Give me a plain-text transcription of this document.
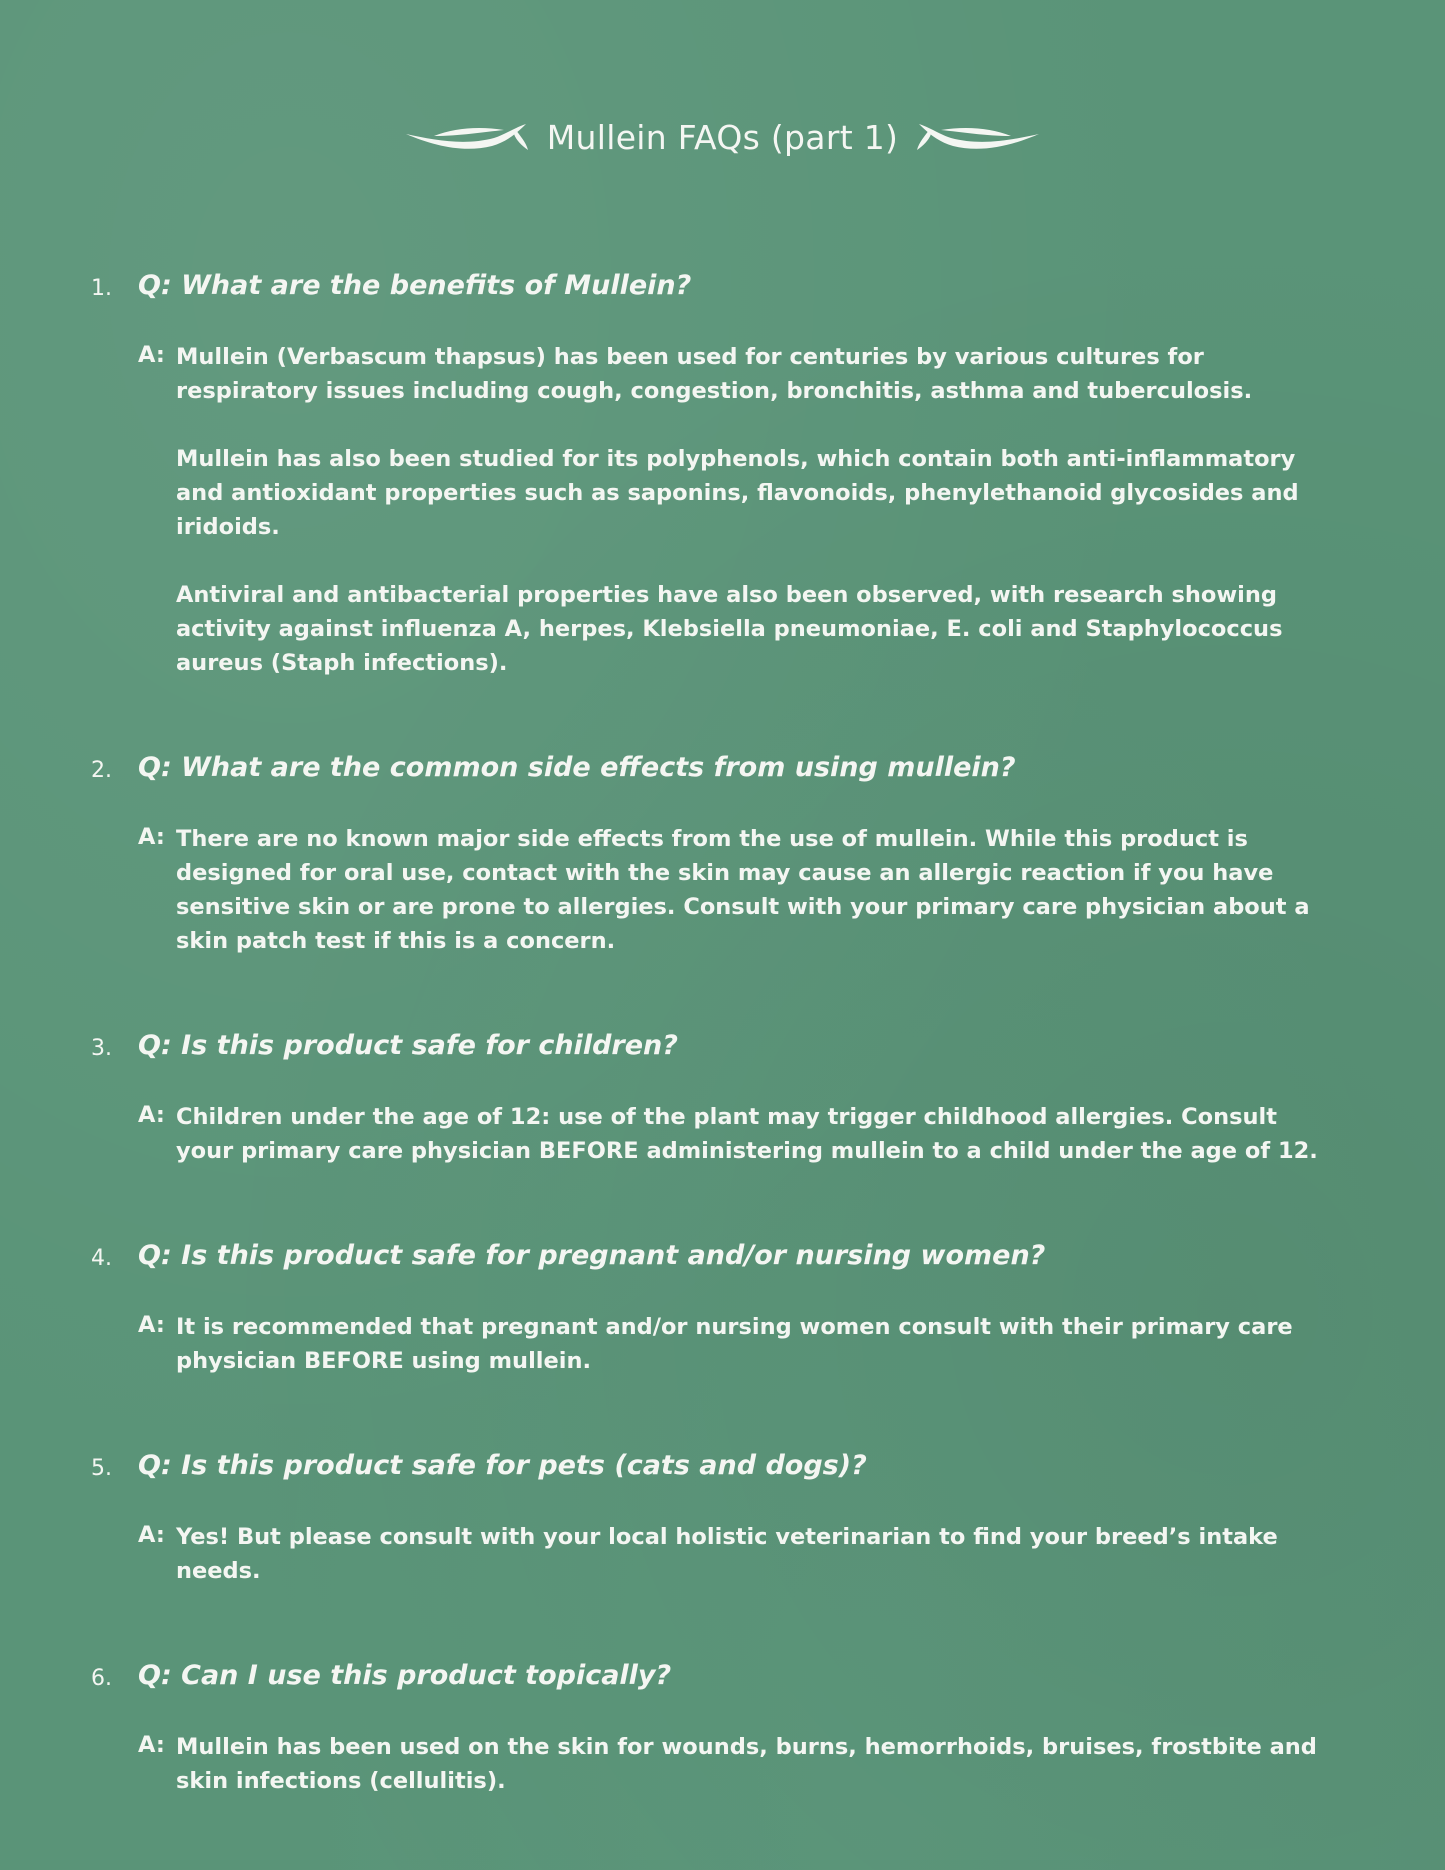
Mullein FAQs (part 1)
1. Q: What are the benefits of Mullein?
A: Mullein (Verbascum thapsus) has been used for centuries by various cultures for respiratory issues including cough, congestion, bronchitis, asthma and tuberculosis.

Mullein has also been studied for its polyphenols, which contain both anti-inflammatory and antioxidant properties such as saponins, flavonoids, phenylethanoid glycosides and iridoids.

Antiviral and antibacterial properties have also been observed, with research showing activity against influenza A, herpes, Klebsiella pneumoniae, E. coli and Staphylococcus aureus (Staph infections).

2. Q: What are the common side effects from using mullein?
A: There are no known major side effects from the use of mullein. While this product is designed for oral use, contact with the skin may cause an allergic reaction if you have sensitive skin or are prone to allergies. Consult with your primary care physician about a skin patch test if this is a concern.

3. Q: Is this product safe for children?
A: Children under the age of 12: use of the plant may trigger childhood allergies. Consult your primary care physician BEFORE administering mullein to a child under the age of 12.

4. Q: Is this product safe for pregnant and/or nursing women?
A: It is recommended that pregnant and/or nursing women consult with their primary care physician BEFORE using mullein.

5. Q: Is this product safe for pets (cats and dogs)?
A: Yes! But please consult with your local holistic veterinarian to find your breed’s intake needs.

6. Q: Can I use this product topically?
A: Mullein has been used on the skin for wounds, burns, hemorrhoids, bruises, frostbite and skin infections (cellulitis).
